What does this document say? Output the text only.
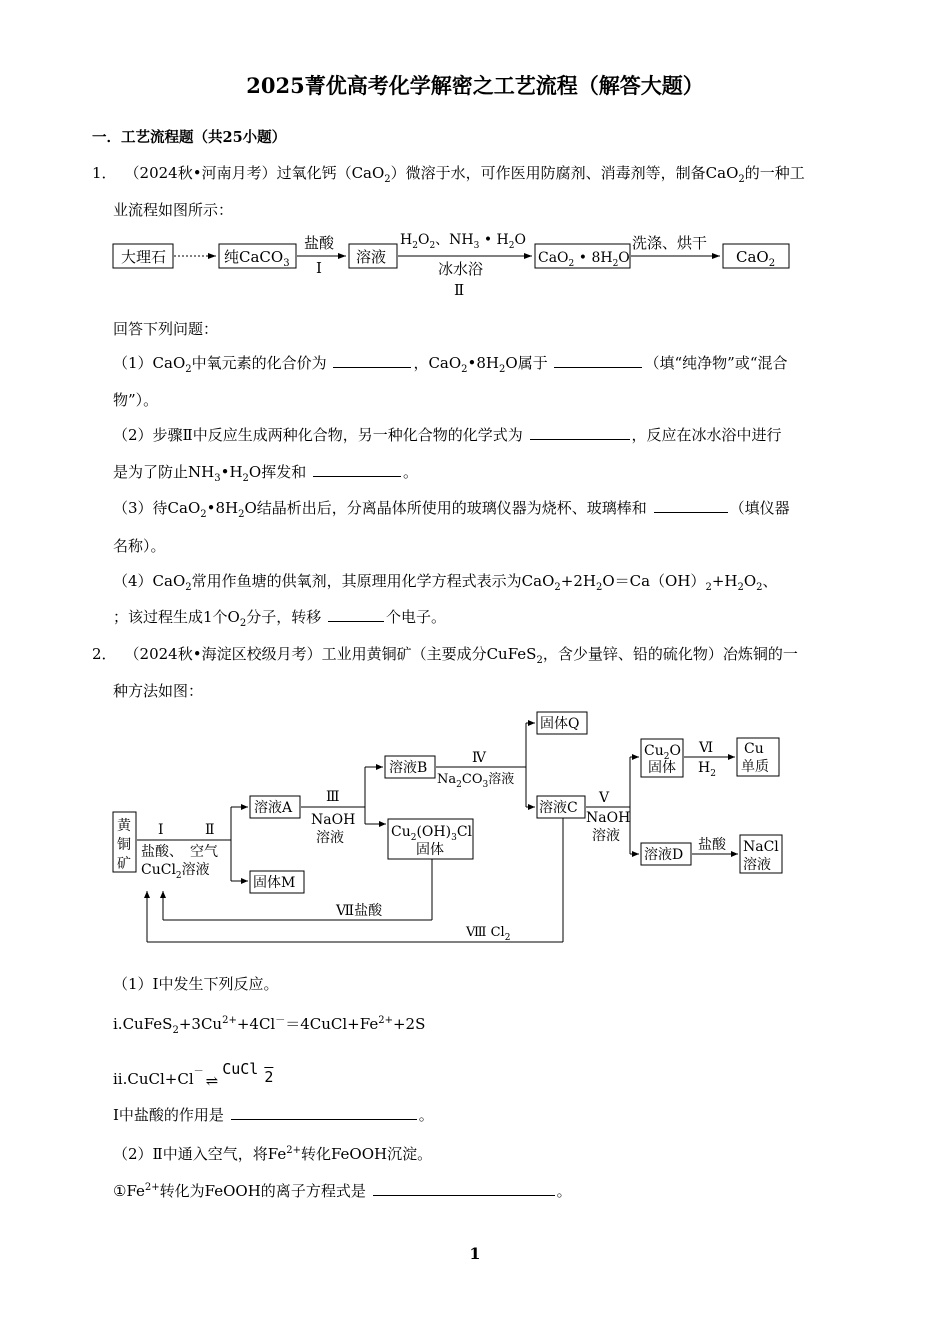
2025菁优高考化学解密之工艺流程（解答大题）
一．工艺流程题（共25小题）
1． （2024秋•河南月考）过氧化钙（CaO$_2$）微溶于水，可作医用防腐剂、消毒剂等，制备CaO$_2$的一种工
业流程如图所示：
大理石	纯CaCO$_3$
盐酸
Ⅰ
溶液
$H_2O_2$、$NH_3$ • $H_2O$
冰水浴
Ⅱ
CaO$_2$ • $8H_2O$
洗涤、烘干
CaO$_2$
回答下列问题：
（1）CaO$_2$中氧元素的化合价为	，$CaO_2•8H_2O$属于	（填“纯净物”或“混合
物”）。
（2）步骤Ⅱ中反应生成两种化合物，另一种化合物的化学式为	，反应在冰水浴中进行
是为了防止$NH_3•H_2O$挥发和	。
（3）待$CaO_2•8H_2O$结晶析出后，分离晶体所使用的玻璃仪器为烧杯、玻璃棒和	（填仪器
名称）。
（4）CaO$_2$常用作鱼塘的供氧剂，其原理用化学方程式表示为$CaO_2+2H_2O=Ca(OH)_2+H_2O_2$、
；该过程生成1个$O_2$分子，转移	个电子。
2． （2024秋•海淀区校级月考）工业用黄铜矿（主要成分CuFeS$_2$，含少量锌、铅的硫化物）冶炼铜的一
种方法如图：
黄
铜
矿
Ⅰ	Ⅱ
盐酸、 空气
CuCl$_2$溶液
溶液A
固体M
Ⅲ
NaOH
溶液
溶液B
$Cu_2(OH)_3Cl$
固体
Ⅶ盐酸
Ⅷ $Cl_2$
Ⅳ
$Na_2CO_3$溶液
固体Q
溶液C
Ⅴ
NaOH
溶液
$Cu_2O$
固体
溶液D
Ⅵ
$H_2$
Cu
单质
盐酸 NaCl
溶液
（1）Ⅰ中发生下列反应。
$i.CuFeS_2+3Cu^{2+}+4Cl^-=4CuCl+Fe^{2+}+2S$
ii.CuCl+Cl－⇌CuCl 2
Ⅰ中盐酸的作用是	。
（2）Ⅱ中通入空气，将$Fe^{2+}$转化FeOOH沉淀。
$①Fe^{2+}$转化为FeOOH的离子方程式是	。
1
